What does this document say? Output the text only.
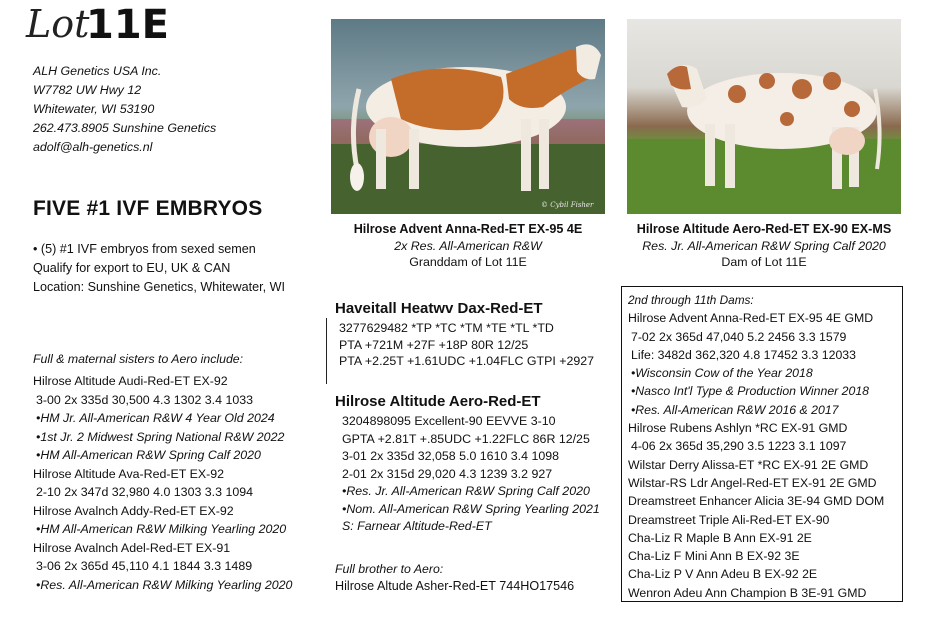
Lot
11E
ALH Genetics USA Inc.
W7782 UW Hwy 12
Whitewater, WI 53190
262.473.8905 Sunshine Genetics
adolf@alh-genetics.nl
FIVE #1 IVF EMBRYOS
• (5) #1 IVF embryos from sexed semen
Qualify for export to EU, UK & CAN
Location: Sunshine Genetics, Whitewater, WI
Full & maternal sisters to Aero include:
Hilrose Altitude Audi-Red-ET EX-92
3-00 2x 335d 30,500 4.3 1302 3.4 1033
•HM Jr. All-American R&W 4 Year Old 2024
•1st Jr. 2 Midwest Spring National R&W 2022
•HM All-American R&W Spring Calf 2020
Hilrose Altitude Ava-Red-ET EX-92
2-10 2x 347d 32,980 4.0 1303 3.3 1094
Hilrose Avalnch Addy-Red-ET EX-92
•HM All-American R&W Milking Yearling 2020
Hilrose Avalnch Adel-Red-ET EX-91
3-06 2x 365d 45,110 4.1 1844 3.3 1489
•Res. All-American R&W Milking Yearling 2020
© Cybil Fisher
Hilrose Advent Anna-Red-ET EX-95 4E
2x Res. All-American R&W
Granddam of Lot 11E
Hilrose Altitude Aero-Red-ET EX-90 EX-MS
Res. Jr. All-American R&W Spring Calf 2020
Dam of Lot 11E
Haveitall Heatwv Dax-Red-ET
3277629482 *TP *TC *TM *TE *TL *TD
PTA +721M +27F +18P 80R 12/25
PTA +2.25T +1.61UDC +1.04FLC GTPI +2927
Hilrose Altitude Aero-Red-ET
3204898095 Excellent-90 EEVVE 3-10
GPTA +2.81T +.85UDC +1.22FLC 86R 12/25
3-01 2x 335d 32,058 5.0 1610 3.4 1098
2-01 2x 315d 29,020 4.3 1239 3.2 927
•Res. Jr. All-American R&W Spring Calf 2020
•Nom. All-American R&W Spring Yearling 2021
S: Farnear Altitude-Red-ET
Full brother to Aero:
Hilrose Altude Asher-Red-ET 744HO17546
2nd through 11th Dams:
Hilrose Advent Anna-Red-ET EX-95 4E GMD
7-02 2x 365d 47,040 5.2 2456 3.3 1579
Life: 3482d 362,320 4.8 17452 3.3 12033
•Wisconsin Cow of the Year 2018
•Nasco Int'l Type & Production Winner 2018
•Res. All-American R&W 2016 & 2017
Hilrose Rubens Ashlyn *RC EX-91 GMD
4-06 2x 365d 35,290 3.5 1223 3.1 1097
Wilstar Derry Alissa-ET *RC EX-91 2E GMD
Wilstar-RS Ldr Angel-Red-ET EX-91 2E GMD
Dreamstreet Enhancer Alicia 3E-94 GMD DOM
Dreamstreet Triple Ali-Red-ET EX-90
Cha-Liz R Maple B Ann EX-91 2E
Cha-Liz F Mini Ann B EX-92 3E
Cha-Liz P V Ann Adeu B EX-92 2E
Wenron Adeu Ann Champion B 3E-91 GMD
